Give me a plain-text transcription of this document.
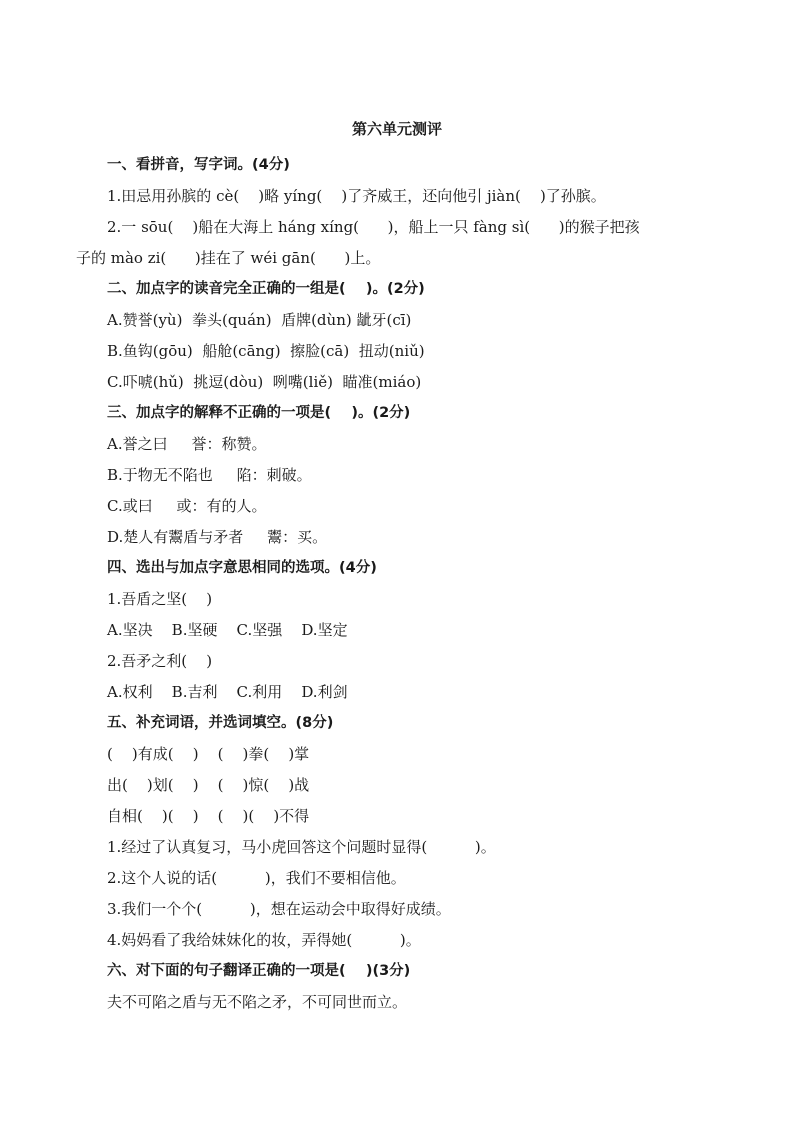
第六单元测评
一、看拼音，写字词。(4分)
1.田忌用孙膑的 cè(    )略 yíng(    )了齐威王，还向他引 jiàn(    )了孙膑。
2.一 sōu(    )船在大海上 háng xíng(      )，船上一只 fàng sì(      )的猴子把孩
子的 mào zi(      )挂在了 wéi gān(      )上。
二、加点字的读音完全正确的一组是(    )。(2分)
A.赞誉(yù)  拳头(quán)  盾牌(dùn) 龇牙(cī)
B.鱼钩(gōu)  船舱(cāng)  擦脸(cā)  扭动(niǔ)
C.吓唬(hǔ)  挑逗(dòu)  咧嘴(liě)  瞄准(miáo)
三、加点字的解释不正确的一项是(    )。(2分)
A.誉之曰     誉：称赞。
B.于物无不陷也     陷：刺破。
C.或曰     或：有的人。
D.楚人有鬻盾与矛者     鬻：买。
四、选出与加点字意思相同的选项。(4分)
1.吾盾之坚(    )
A.坚决    B.坚硬    C.坚强    D.坚定
2.吾矛之利(    )
A.权利    B.吉利    C.利用    D.利剑
五、补充词语，并选词填空。(8分)
(    )有成(    )    (    )拳(    )掌
出(    )划(    )    (    )惊(    )战
自相(    )(    )    (    )(    )不得
1.经过了认真复习，马小虎回答这个问题时显得(          )。
2.这个人说的话(          )，我们不要相信他。
3.我们一个个(          )，想在运动会中取得好成绩。
4.妈妈看了我给妹妹化的妆，弄得她(          )。
六、对下面的句子翻译正确的一项是(    )(3分)
夫不可陷之盾与无不陷之矛，不可同世而立。
